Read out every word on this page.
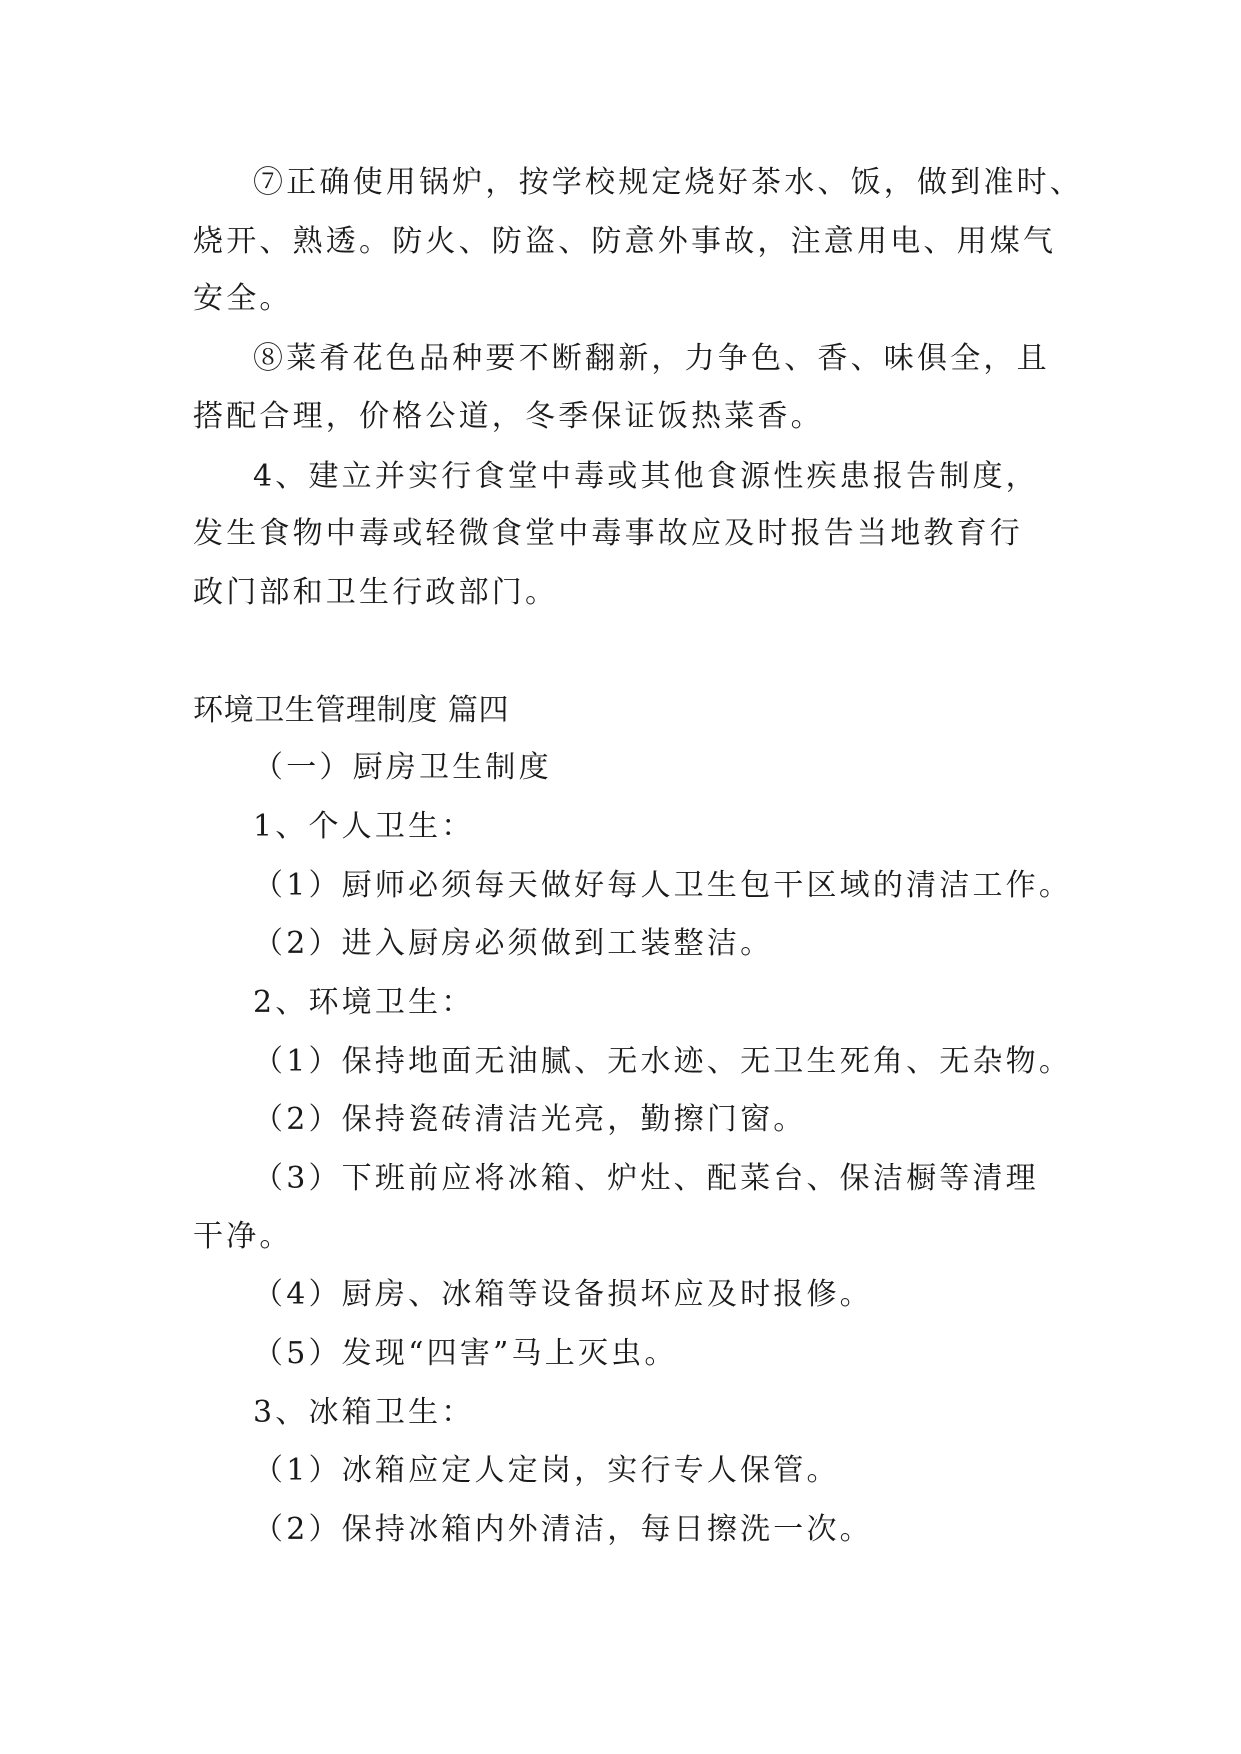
⑦正确使用锅炉，按学校规定烧好茶水、饭，做到准时、
烧开、熟透。防火、防盗、防意外事故，注意用电、用煤气
安全。
⑧菜肴花色品种要不断翻新，力争色、香、味俱全，且
搭配合理，价格公道，冬季保证饭热菜香。
4、建立并实行食堂中毒或其他食源性疾患报告制度，
发生食物中毒或轻微食堂中毒事故应及时报告当地教育行
政门部和卫生行政部门。
环境卫生管理制度 篇四
（一）厨房卫生制度
1、个人卫生：
（1）厨师必须每天做好每人卫生包干区域的清洁工作。
（2）进入厨房必须做到工装整洁。
2、环境卫生：
（1）保持地面无油腻、无水迹、无卫生死角、无杂物。
（2）保持瓷砖清洁光亮，勤擦门窗。
（3）下班前应将冰箱、炉灶、配菜台、保洁橱等清理
干净。
（4）厨房、冰箱等设备损坏应及时报修。
（5）发现“四害”马上灭虫。
3、冰箱卫生：
（1）冰箱应定人定岗，实行专人保管。
（2）保持冰箱内外清洁，每日擦洗一次。
